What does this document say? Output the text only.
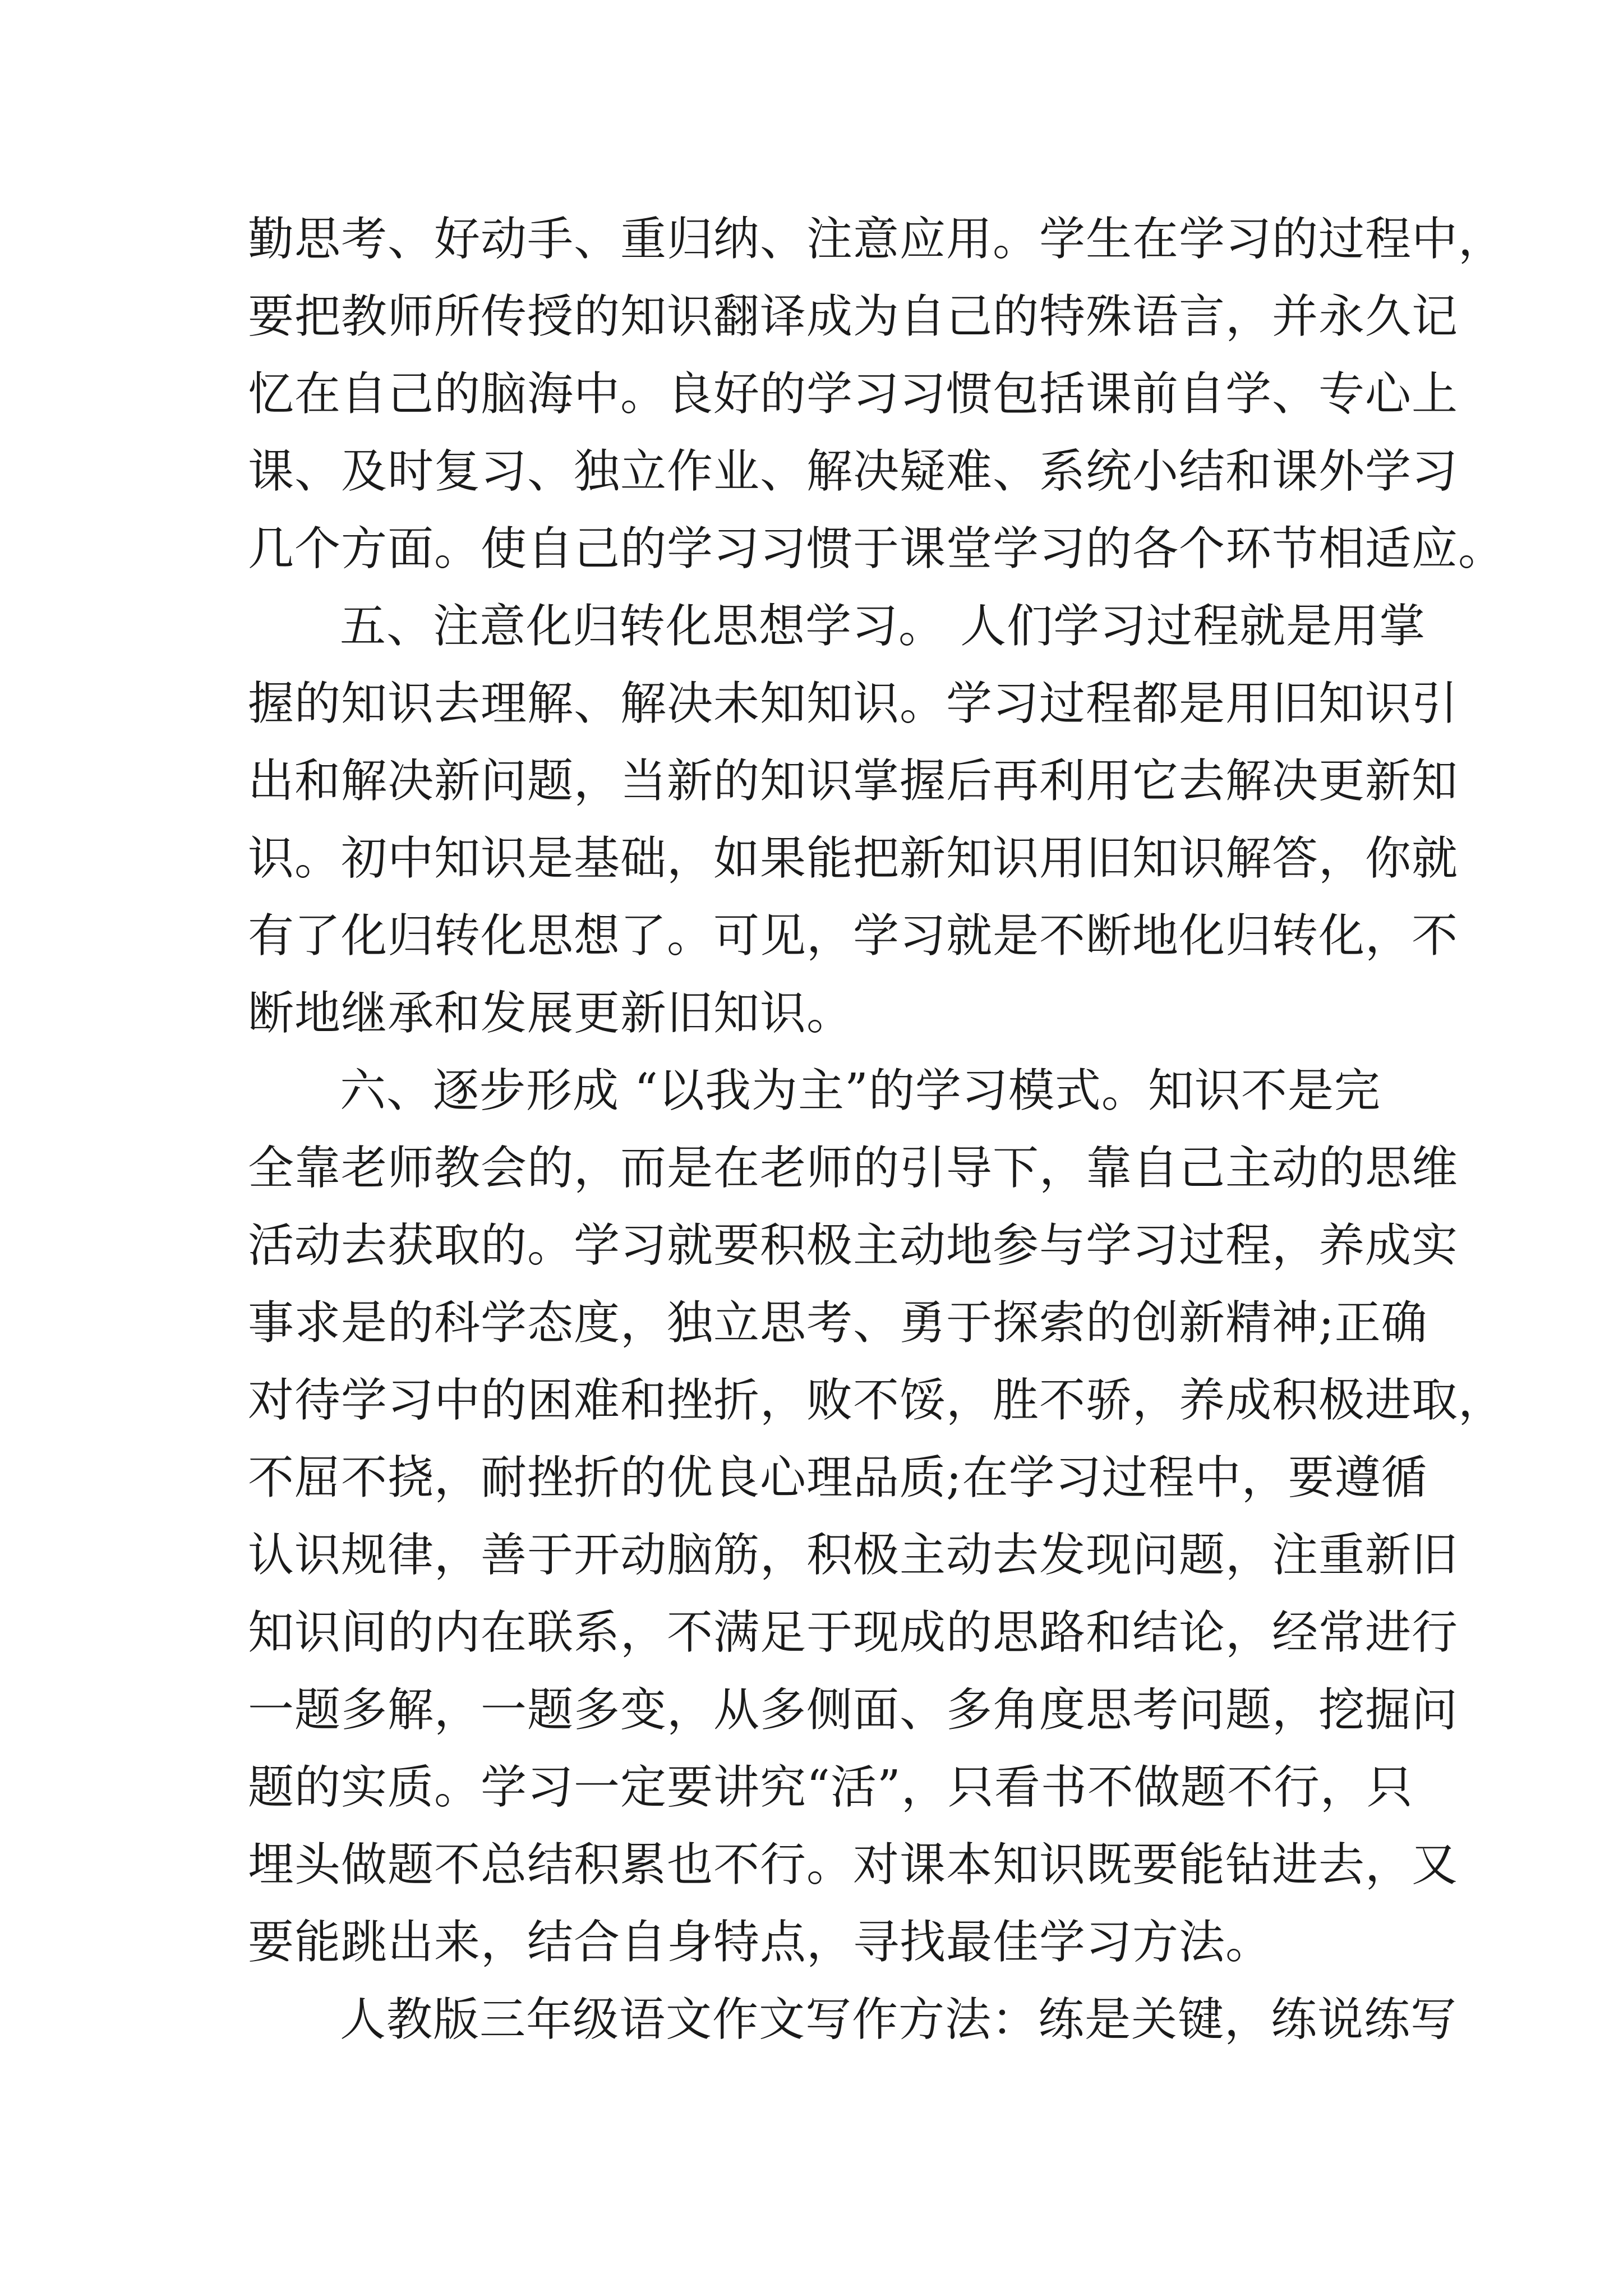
勤思考、好动手、重归纳、注意应用。学生在学习的过程中，
要把教师所传授的知识翻译成为自己的特殊语言，并永久记
忆在自己的脑海中。良好的学习习惯包括课前自学、专心上
课、及时复习、独立作业、解决疑难、系统小结和课外学习
几个方面。使自己的学习习惯于课堂学习的各个环节相适应。
五、注意化归转化思想学习。 人们学习过程就是用掌
握的知识去理解、解决未知知识。学习过程都是用旧知识引
出和解决新问题，当新的知识掌握后再利用它去解决更新知
识。初中知识是基础，如果能把新知识用旧知识解答，你就
有了化归转化思想了。可见，学习就是不断地化归转化，不
断地继承和发展更新旧知识。
六、逐步形成 “以我为主”的学习模式。知识不是完
全靠老师教会的，而是在老师的引导下，靠自己主动的思维
活动去获取的。学习就要积极主动地参与学习过程，养成实
事求是的科学态度，独立思考、勇于探索的创新精神;正确
对待学习中的困难和挫折，败不馁，胜不骄，养成积极进取，
不屈不挠，耐挫折的优良心理品质;在学习过程中，要遵循
认识规律，善于开动脑筋，积极主动去发现问题，注重新旧
知识间的内在联系，不满足于现成的思路和结论，经常进行
一题多解，一题多变，从多侧面、多角度思考问题，挖掘问
题的实质。学习一定要讲究“活”，只看书不做题不行，只
埋头做题不总结积累也不行。对课本知识既要能钻进去，又
要能跳出来，结合自身特点，寻找最佳学习方法。
人教版三年级语文作文写作方法：练是关键，练说练写
